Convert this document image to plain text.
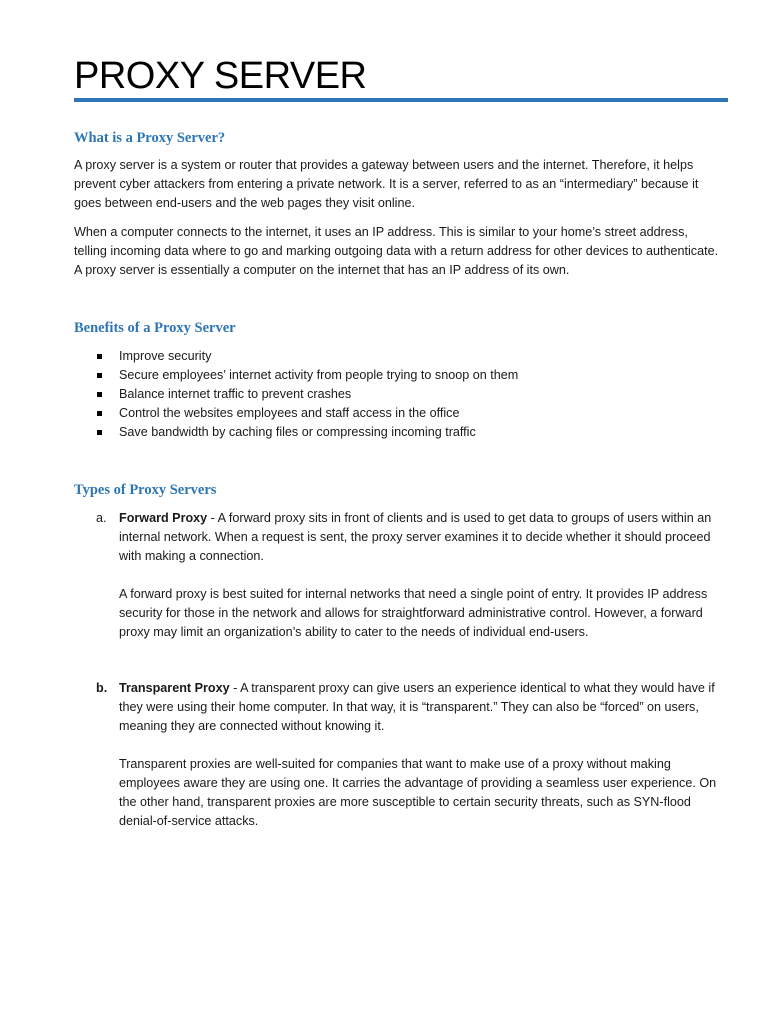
PROXY SERVER
What is a Proxy Server?

A proxy server is a system or router that provides a gateway between users and the internet. Therefore, it helps prevent cyber attackers from entering a private network. It is a server, referred to as an “intermediary” because it goes between end-users and the web pages they visit online.

When a computer connects to the internet, it uses an IP address. This is similar to your home’s street address, telling incoming data where to go and marking outgoing data with a return address for other devices to authenticate. A proxy server is essentially a computer on the internet that has an IP address of its own.

Benefits of a Proxy Server
Improve security
Secure employees’ internet activity from people trying to snoop on them
Balance internet traffic to prevent crashes
Control the websites employees and staff access in the office
Save bandwidth by caching files or compressing incoming traffic
Types of Proxy Servers
a. Forward Proxy - A forward proxy sits in front of clients and is used to get data to groups of users within an internal network. When a request is sent, the proxy server examines it to decide whether it should proceed with making a connection.

A forward proxy is best suited for internal networks that need a single point of entry. It provides IP address security for those in the network and allows for straightforward administrative control. However, a forward proxy may limit an organization’s ability to cater to the needs of individual end-users.

b. Transparent Proxy - A transparent proxy can give users an experience identical to what they would have if they were using their home computer. In that way, it is “transparent.” They can also be “forced” on users, meaning they are connected without knowing it.

Transparent proxies are well-suited for companies that want to make use of a proxy without making employees aware they are using one. It carries the advantage of providing a seamless user experience. On the other hand, transparent proxies are more susceptible to certain security threats, such as SYN-flood denial-of-service attacks.
